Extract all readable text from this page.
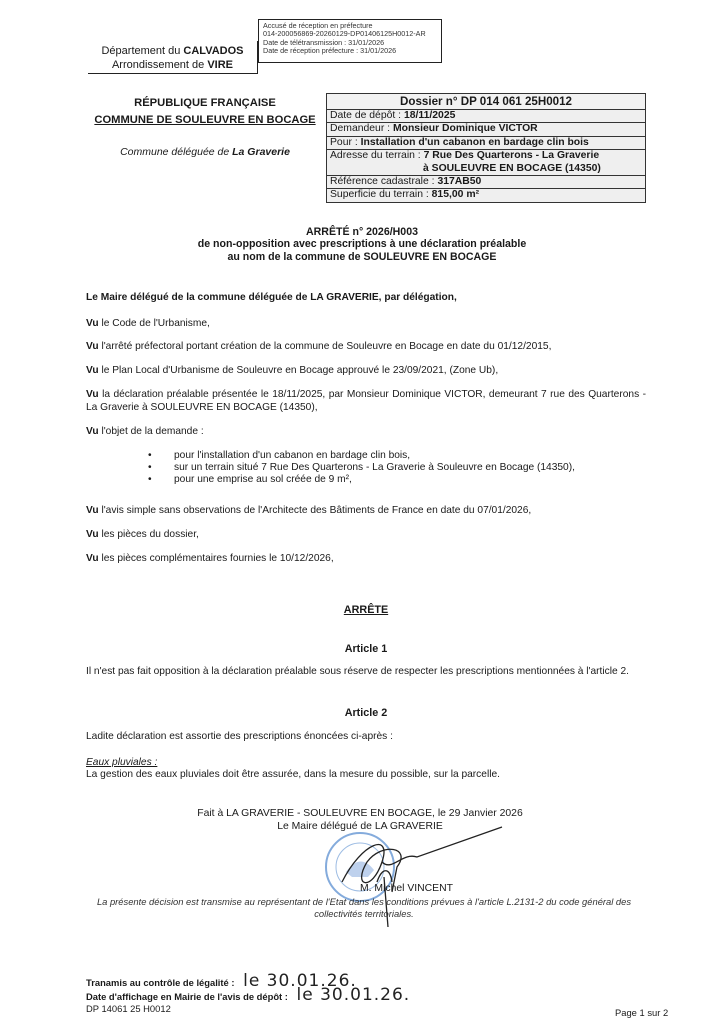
Accusé de réception en préfecture
014-200056869-20260129-DP01406125H0012-AR
Date de télétransmission : 31/01/2026
Date de réception préfecture : 31/01/2026
Département du CALVADOS
Arrondissement de VIRE
RÉPUBLIQUE FRANÇAISE
COMMUNE DE SOULEUVRE EN BOCAGE
Commune déléguée de La Graverie
Dossier n° DP 014 061 25H0012
Date de dépôt : 18/11/2025
Demandeur : Monsieur Dominique VICTOR
Pour : Installation d'un cabanon en bardage clin bois
Adresse du terrain : 7 Rue Des Quarterons - La Graverie
à SOULEUVRE EN BOCAGE (14350)
Référence cadastrale : 317AB50
Superficie du terrain : 815,00 m²
ARRÊTÉ n° 2026/H003
de non-opposition avec prescriptions à une déclaration préalable
au nom de la commune de SOULEUVRE EN BOCAGE
Le Maire délégué de la commune déléguée de LA GRAVERIE, par délégation,
Vu le Code de l'Urbanisme,
Vu l'arrêté préfectoral portant création de la commune de Souleuvre en Bocage en date du 01/12/2015,
Vu le Plan Local d'Urbanisme de Souleuvre en Bocage approuvé le 23/09/2021, (Zone Ub),
Vu la déclaration préalable présentée le 18/11/2025, par Monsieur Dominique VICTOR, demeurant 7 rue des Quarterons - La Graverie à SOULEUVRE EN BOCAGE (14350),
Vu l'objet de la demande :
• pour l'installation d'un cabanon en bardage clin bois,
• sur un terrain situé 7 Rue Des Quarterons - La Graverie à Souleuvre en Bocage (14350),
• pour une emprise au sol créée de 9 m²,
Vu l'avis simple sans observations de l'Architecte des Bâtiments de France en date du 07/01/2026,
Vu les pièces du dossier,
Vu les pièces complémentaires fournies le 10/12/2026,
ARRÊTE
Article 1
Il n'est pas fait opposition à la déclaration préalable sous réserve de respecter les prescriptions mentionnées à l'article 2.
Article 2
Ladite déclaration est assortie des prescriptions énoncées ci-après :
Eaux pluviales :
La gestion des eaux pluviales doit être assurée, dans la mesure du possible, sur la parcelle.
Fait à LA GRAVERIE - SOULEUVRE EN BOCAGE, le 29 Janvier 2026
Le Maire délégué de LA GRAVERIE
M. Michel VINCENT
La présente décision est transmise au représentant de l'Etat dans les conditions prévues à l'article L.2131-2 du code général des collectivités territoriales.
Tranamis au contrôle de légalité : le 30.01.26.
Date d'affichage en Mairie de l'avis de dépôt : le 30.01.26.
DP 14061 25 H0012	Page 1 sur 2
